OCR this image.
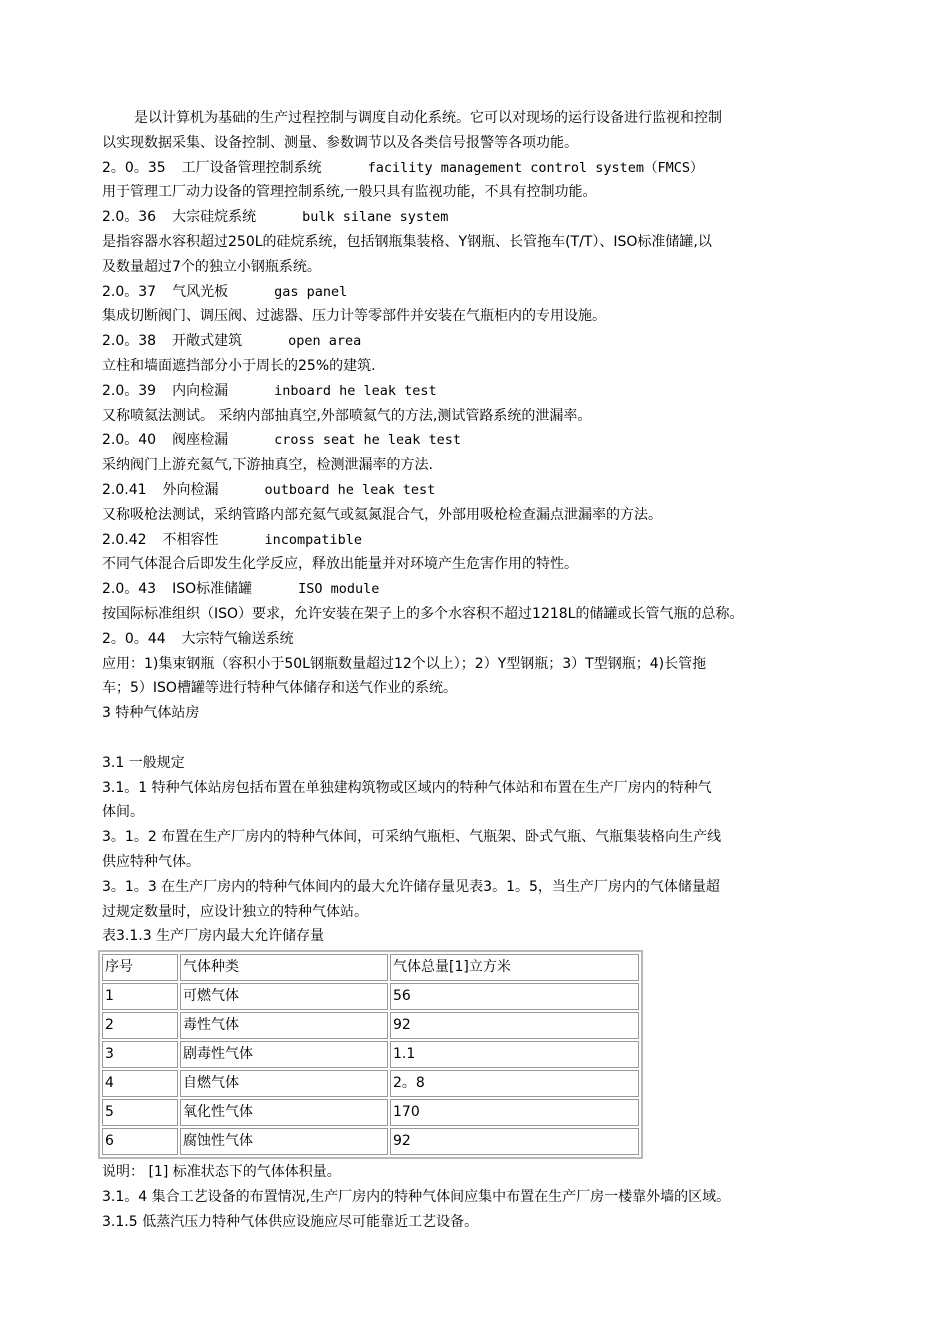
是以计算机为基础的生产过程控制与调度自动化系统。它可以对现场的运行设备进行监视和控制
以实现数据采集、设备控制、测量、参数调节以及各类信号报警等各项功能。
2。0。35 工厂设备管理控制系统	facility management control system（FMCS）
用于管理工厂动力设备的管理控制系统,一般只具有监视功能，不具有控制功能。
2.0。36 大宗硅烷系统	bulk silane system
是指容器水容积超过250L的硅烷系统，包括钢瓶集装格、Y钢瓶、长管拖车(T/T）、ISO标准储罐,以
及数量超过7个的独立小钢瓶系统。
2.0。37 气风光板	gas panel
集成切断阀门、调压阀、过滤器、压力计等零部件并安装在气瓶柜内的专用设施。
2.0。38 开敞式建筑	open area
立柱和墙面遮挡部分小于周长的25%的建筑.
2.0。39 内向检漏	inboard he leak test
又称喷氦法测试。 采纳内部抽真空,外部喷氦气的方法,测试管路系统的泄漏率。
2.0。40 阀座检漏	cross seat he leak test
采纳阀门上游充氦气,下游抽真空，检测泄漏率的方法.
2.0.41 外向检漏	outboard he leak test
又称吸枪法测试，采纳管路内部充氦气或氦氮混合气，外部用吸枪检查漏点泄漏率的方法。
2.0.42 不相容性	incompatible
不同气体混合后即发生化学反应，释放出能量并对环境产生危害作用的特性。
2.0。43 ISO标准储罐	ISO module
按国际标准组织（ISO）要求，允许安装在架子上的多个水容积不超过1218L的储罐或长管气瓶的总称。
2。0。44 大宗特气输送系统
应用：1)集束钢瓶（容积小于50L钢瓶数量超过12个以上）；2）Y型钢瓶；3）T型钢瓶；4)长管拖
车；5）ISO槽罐等进行特种气体储存和送气作业的系统。
3 特种气体站房
3.1 一般规定
3.1。1 特种气体站房包括布置在单独建构筑物或区域内的特种气体站和布置在生产厂房内的特种气
体间。
3。1。2 布置在生产厂房内的特种气体间，可采纳气瓶柜、气瓶架、卧式气瓶、气瓶集装格向生产线
供应特种气体。
3。1。3 在生产厂房内的特种气体间内的最大允许储存量见表3。1。5，当生产厂房内的气体储量超
过规定数量时，应设计独立的特种气体站。
表3.1.3 生产厂房内最大允许储存量
序号	气体种类	气体总量[1]立方米
1	可燃气体	56
2	毒性气体	92
3	剧毒性气体	1.1
4	自燃气体	2。8
5	氧化性气体	170
6	腐蚀性气体	92
说明： [1] 标准状态下的气体体积量。
3.1。4 集合工艺设备的布置情况,生产厂房内的特种气体间应集中布置在生产厂房一楼靠外墙的区域。
3.1.5 低蒸汽压力特种气体供应设施应尽可能靠近工艺设备。
